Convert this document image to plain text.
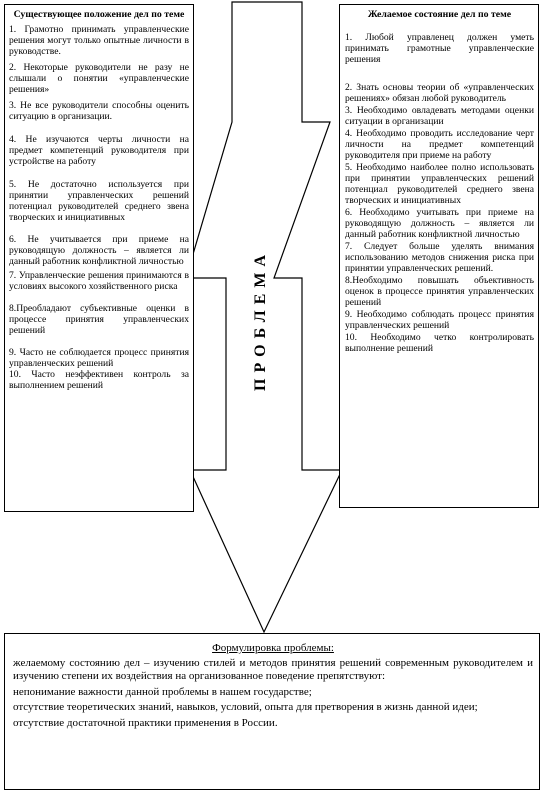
Существующее положение дел по теме
1. Грамотно принимать управленческие решения могут только опытные личности в руководстве.
2. Некоторые руководители не разу не слышали о понятии «управленческие решения»
3. Не все руководители способны оценить ситуацию в организации.
4. Не изучаются черты личности на предмет компетенций руководителя при устройстве на работу
5. Не достаточно используется при принятии управленческих решений потенциал руководителей среднего звена творческих и инициативных
6. Не учитывается при приеме на руководящую должность – является ли данный работник конфликтной личностью
7. Управленческие решения принимаются в условиях высокого хозяйственного риска
8.Преобладают субъективные оценки в процессе принятия управленческих решений
9. Часто не соблюдается процесс принятия управленческих решений
10. Часто неэффективен контроль за выполнением решений
Желаемое состояние дел по теме
1. Любой управленец должен уметь принимать грамотные управленческие решения
2. Знать основы теории об «управленческих решениях» обязан любой руководитель
3. Необходимо овладевать методами оценки ситуации в организации
4. Необходимо проводить исследование черт личности на предмет компетенций руководителя при приеме на работу
5. Необходимо наиболее полно использовать при принятии управленческих решений потенциал руководителей среднего звена творческих и инициативных
6. Необходимо учитывать при приеме на руководящую должность – является ли данный работник конфликтной личностью
7. Следует больше уделять внимания использованию методов снижения риска при принятии управленческих решений.
8.Необходимо повышать объективность оценок в процессе принятия управленческих решений
9. Необходимо соблюдать процесс принятия управленческих решений
10. Необходимо четко контролировать выполнение решений
ПРОБЛЕМА
Формулировка проблемы:
желаемому состоянию дел – изучению стилей и методов принятия решений современным руководителем и изучению степени их воздействия на организованное поведение препятствуют:
непонимание важности данной проблемы в нашем государстве;
отсутствие теоретических знаний, навыков, условий, опыта для претворения в жизнь данной идеи;
отсутствие достаточной практики применения в России.
